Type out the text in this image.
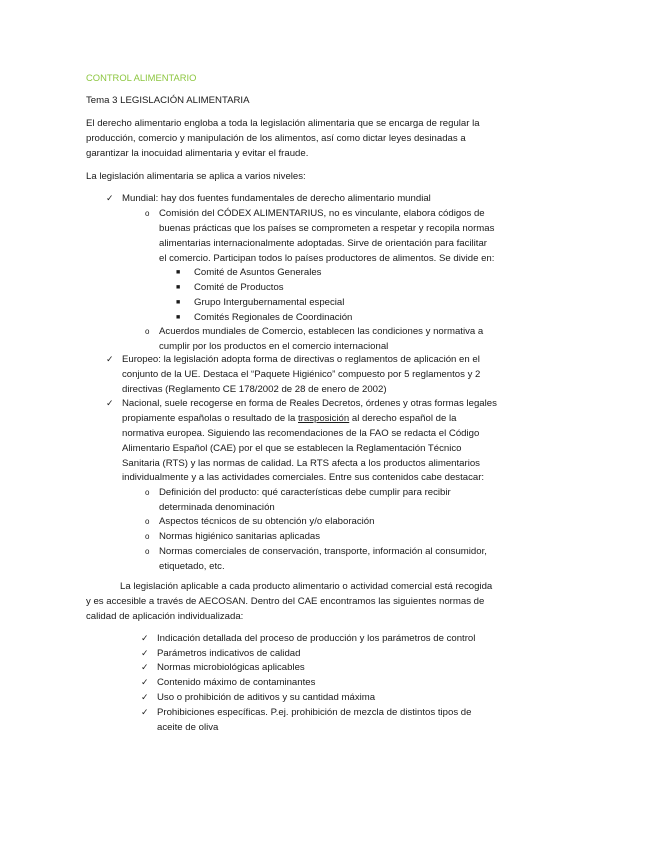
CONTROL ALIMENTARIO
Tema 3 LEGISLACIÓN ALIMENTARIA
El derecho alimentario engloba a toda la legislación alimentaria que se encarga de regular la
producción, comercio y manipulación de los alimentos, así como dictar leyes desinadas a
garantizar la inocuidad alimentaria y evitar el fraude.
La legislación alimentaria se aplica a varios niveles:
✓ Mundial: hay dos fuentes fundamentales de derecho alimentario mundial
o Comisión del CÓDEX ALIMENTARIUS, no es vinculante, elabora códigos de
buenas prácticas que los países se comprometen a respetar y recopila normas
alimentarias internacionalmente adoptadas. Sirve de orientación para facilitar
el comercio. Participan todos lo países productores de alimentos. Se divide en:
■ Comité de Asuntos Generales
■ Comité de Productos
■ Grupo Intergubernamental especial
■ Comités Regionales de Coordinación
o Acuerdos mundiales de Comercio, establecen las condiciones y normativa a
cumplir por los productos en el comercio internacional
✓ Europeo: la legislación adopta forma de directivas o reglamentos de aplicación en el
conjunto de la UE. Destaca el “Paquete Higiénico” compuesto por 5 reglamentos y 2
directivas (Reglamento CE 178/2002 de 28 de enero de 2002)
✓ Nacional, suele recogerse en forma de Reales Decretos, órdenes y otras formas legales
propiamente españolas o resultado de la trasposición al derecho español de la
normativa europea. Siguiendo las recomendaciones de la FAO se redacta el Código
Alimentario Español (CAE) por el que se establecen la Reglamentación Técnico
Sanitaria (RTS) y las normas de calidad. La RTS afecta a los productos alimentarios
individualmente y a las actividades comerciales. Entre sus contenidos cabe destacar:
o Definición del producto: qué características debe cumplir para recibir
determinada denominación
o Aspectos técnicos de su obtención y/o elaboración
o Normas higiénico sanitarias aplicadas
o Normas comerciales de conservación, transporte, información al consumidor,
etiquetado, etc.
La legislación aplicable a cada producto alimentario o actividad comercial está recogida
y es accesible a través de AECOSAN. Dentro del CAE encontramos las siguientes normas de
calidad de aplicación individualizada:
✓ Indicación detallada del proceso de producción y los parámetros de control
✓ Parámetros indicativos de calidad
✓ Normas microbiológicas aplicables
✓ Contenido máximo de contaminantes
✓ Uso o prohibición de aditivos y su cantidad máxima
✓ Prohibiciones específicas. P.ej. prohibición de mezcla de distintos tipos de
aceite de oliva
